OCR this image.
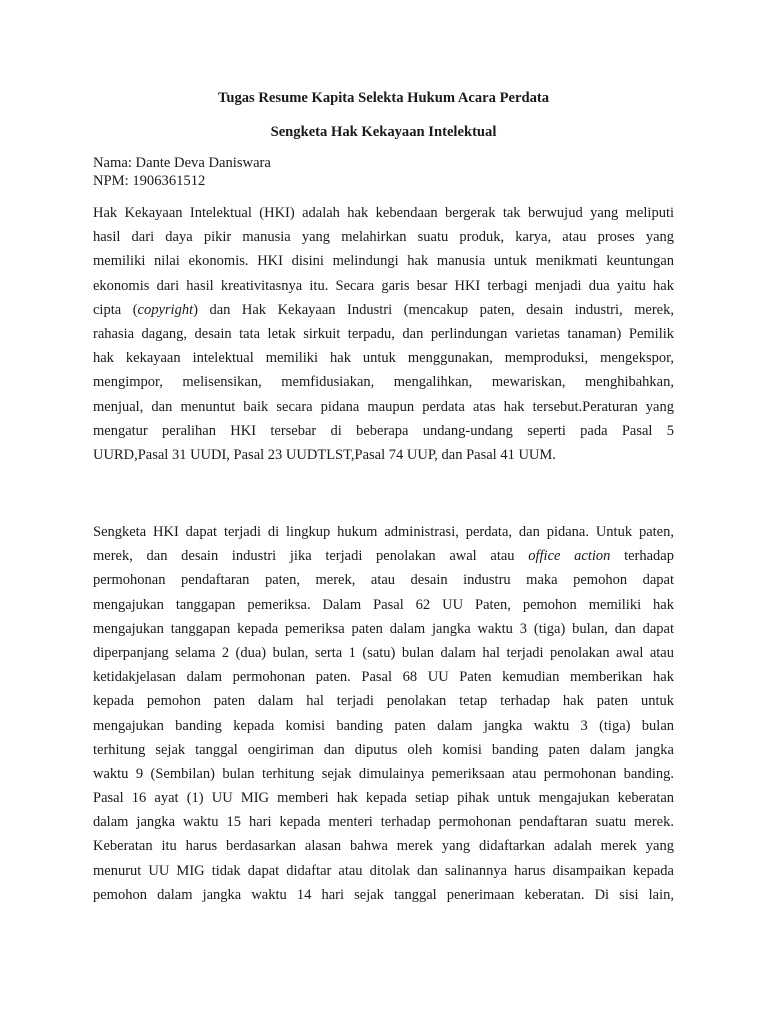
Tugas Resume Kapita Selekta Hukum Acara Perdata

Sengketa Hak Kekayaan Intelektual

Nama: Dante Deva Daniswara
NPM: 1906361512
Hak Kekayaan Intelektual (HKI) adalah hak kebendaan bergerak tak berwujud yang meliputi
hasil dari daya pikir manusia yang melahirkan suatu produk, karya, atau proses yang
memiliki nilai ekonomis. HKI disini melindungi hak manusia untuk menikmati keuntungan
ekonomis dari hasil kreativitasnya itu. Secara garis besar HKI terbagi menjadi dua yaitu hak
cipta (copyright) dan Hak Kekayaan Industri (mencakup paten, desain industri, merek,
rahasia dagang, desain tata letak sirkuit terpadu, dan perlindungan varietas tanaman) Pemilik
hak kekayaan intelektual memiliki hak untuk menggunakan, memproduksi, mengekspor,
mengimpor, melisensikan, memfidusiakan, mengalihkan, mewariskan, menghibahkan,
menjual, dan menuntut baik secara pidana maupun perdata atas hak tersebut.Peraturan yang
mengatur peralihan HKI tersebar di beberapa undang-undang seperti pada Pasal 5
UURD,Pasal 31 UUDI, Pasal 23 UUDTLST,Pasal 74 UUP, dan Pasal 41 UUM.
Sengketa HKI dapat terjadi di lingkup hukum administrasi, perdata, dan pidana. Untuk paten,
merek, dan desain industri jika terjadi penolakan awal atau office action terhadap
permohonan pendaftaran paten, merek, atau desain industru maka pemohon dapat
mengajukan tanggapan pemeriksa. Dalam Pasal 62 UU Paten, pemohon memiliki hak
mengajukan tanggapan kepada pemeriksa paten dalam jangka waktu 3 (tiga) bulan, dan dapat
diperpanjang selama 2 (dua) bulan, serta 1 (satu) bulan dalam hal terjadi penolakan awal atau
ketidakjelasan dalam permohonan paten. Pasal 68 UU Paten kemudian memberikan hak
kepada pemohon paten dalam hal terjadi penolakan tetap terhadap hak paten untuk
mengajukan banding kepada komisi banding paten dalam jangka waktu 3 (tiga) bulan
terhitung sejak tanggal oengiriman dan diputus oleh komisi banding paten dalam jangka
waktu 9 (Sembilan) bulan terhitung sejak dimulainya pemeriksaan atau permohonan banding.
Pasal 16 ayat (1) UU MIG memberi hak kepada setiap pihak untuk mengajukan keberatan
dalam jangka waktu 15 hari kepada menteri terhadap permohonan pendaftaran suatu merek.
Keberatan itu harus berdasarkan alasan bahwa merek yang didaftarkan adalah merek yang
menurut UU MIG tidak dapat didaftar atau ditolak dan salinannya harus disampaikan kepada
pemohon dalam jangka waktu 14 hari sejak tanggal penerimaan keberatan. Di sisi lain,
